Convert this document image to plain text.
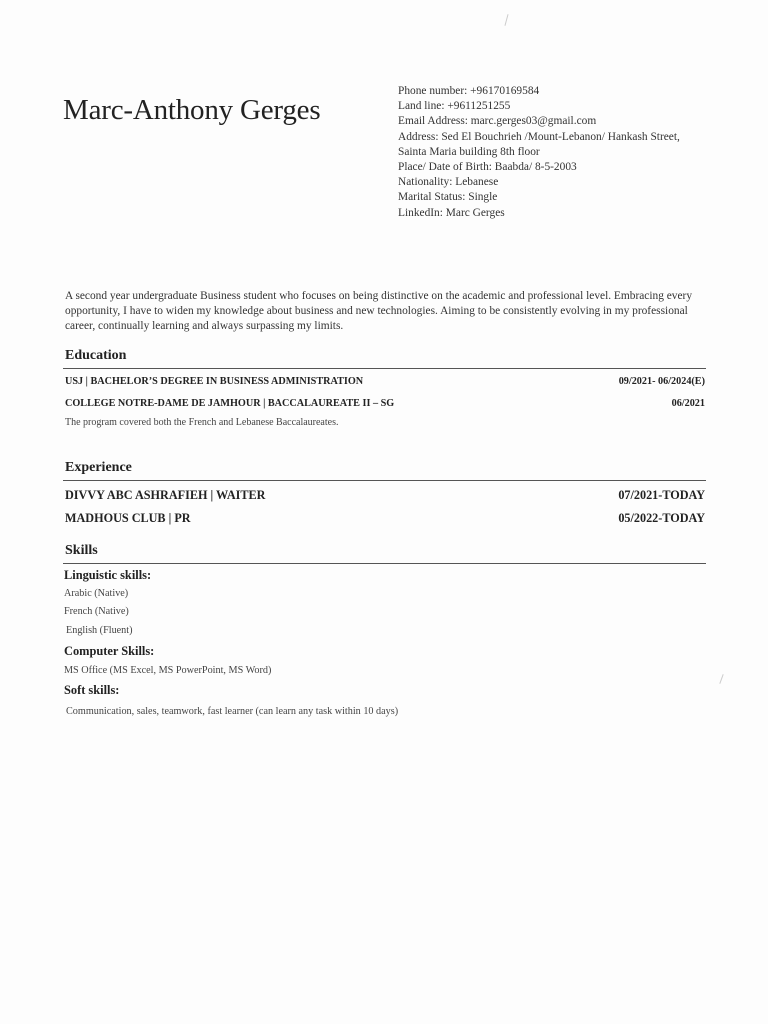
Marc-Anthony Gerges
Phone number: +96170169584
Land line: +9611251255
Email Address: marc.gerges03@gmail.com
Address: Sed El Bouchrieh /Mount-Lebanon/ Hankash Street,
Sainta Maria building 8th floor
Place/ Date of Birth: Baabda/ 8-5-2003
Nationality: Lebanese
Marital Status: Single
LinkedIn: Marc Gerges

A second year undergraduate Business student who focuses on being distinctive on the academic and professional level. Embracing every opportunity, I have to widen my knowledge about business and new technologies. Aiming to be consistently evolving in my professional career, continually learning and always surpassing my limits.

Education
USJ | BACHELOR’S DEGREE IN BUSINESS ADMINISTRATION	09/2021- 06/2024(E)
COLLEGE NOTRE-DAME DE JAMHOUR | BACCALAUREATE II – SG	06/2021
The program covered both the French and Lebanese Baccalaureates.
Experience
DIVVY ABC ASHRAFIEH | WAITER	07/2021-TODAY
MADHOUS CLUB | PR	05/2022-TODAY
Skills
Linguistic skills:
Arabic (Native)
French (Native)
English (Fluent)
Computer Skills:
MS Office (MS Excel, MS PowerPoint, MS Word)
Soft skills:
Communication, sales, teamwork, fast learner (can learn any task within 10 days)
